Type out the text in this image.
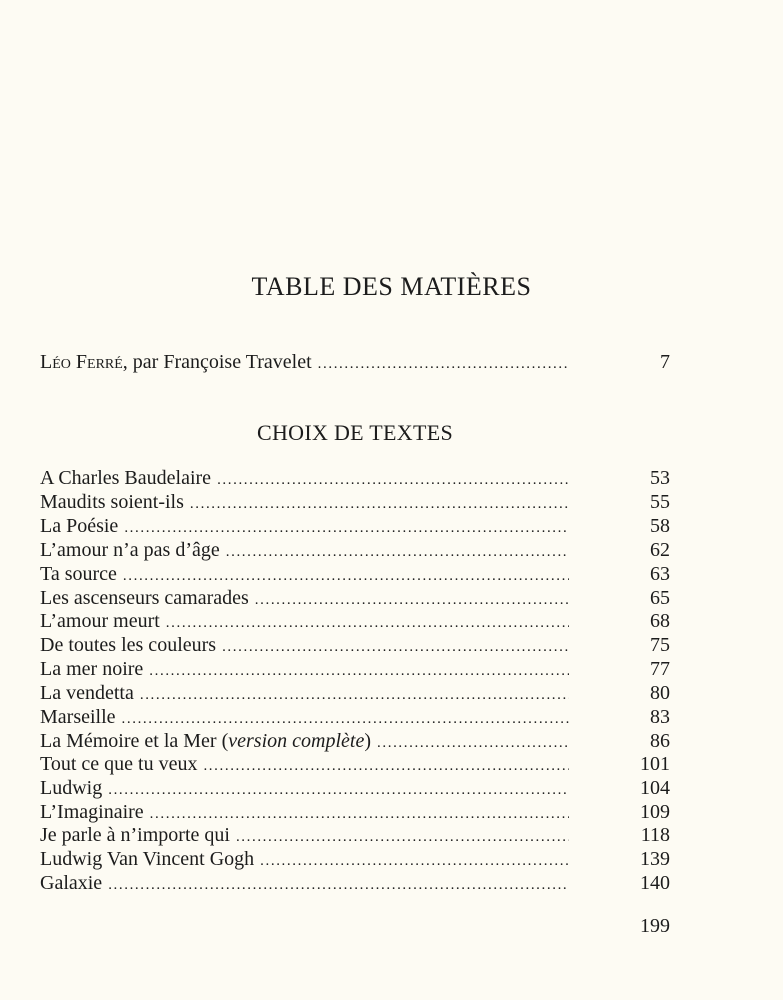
TABLE DES MATIÈRES
Léo Ferré, par Françoise Travelet .....	7
CHOIX DE TEXTES
A Charles Baudelaire .....	53
Maudits soient-ils .....	55
La Poésie .....	58
L’amour n’a pas d’âge .....	62
Ta source .....	63
Les ascenseurs camarades .....	65
L’amour meurt .....	68
De toutes les couleurs .....	75
La mer noire .....	77
La vendetta .....	80
Marseille .....	83
La Mémoire et la Mer (version complète) .....	86
Tout ce que tu veux .....	101
Ludwig .....	104
L’Imaginaire .....	109
Je parle à n’importe qui .....	118
Ludwig Van Vincent Gogh .....	139
Galaxie .....	140
199
